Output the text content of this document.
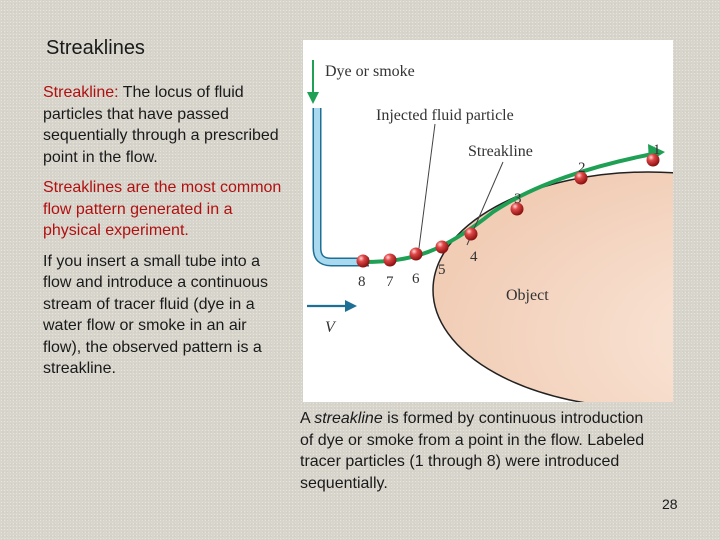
Streaklines

Streakline: The locus of fluid particles that have passed sequentially through a prescribed point in the flow.

Streaklines are the most common flow pattern generated in a physical experiment.

If you insert a small tube into a flow and introduce a continuous stream of tracer fluid (dye in a water flow or smoke in an air flow), the observed pattern is a streakline.

8 7 6
5
4
3
2
1
Dye or smoke
Injected fluid particle
Streakline
Object
V
A streakline is formed by continuous introduction of dye or smoke from a point in the flow. Labeled tracer particles (1 through 8) were introduced sequentially.
28
